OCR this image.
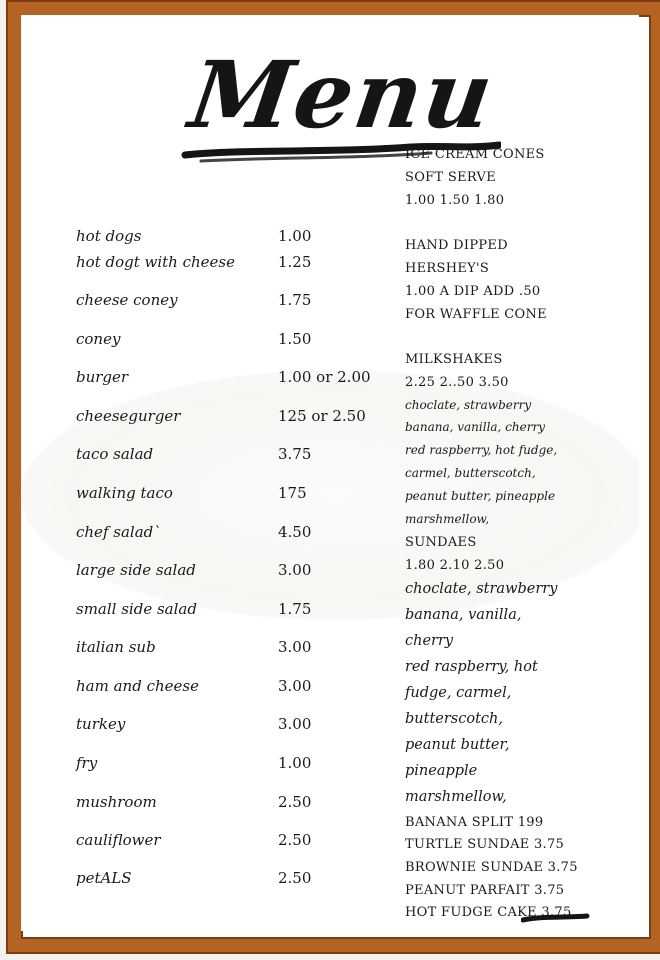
Menu
hot dogs	1.00
hot dogt with cheese	1.25
cheese coney	1.75
coney	1.50
burger	1.00 or 2.00
cheesegurger	125 or 2.50
taco salad	3.75
walking taco	175
chef salad`	4.50
large side salad	3.00
small side salad	1.75
italian sub	3.00
ham and cheese	3.00
turkey	3.00
fry	1.00
mushroom	2.50
cauliflower	2.50
petALS	2.50
ICE CREAM CONES
SOFT SERVE
1.00 1.50 1.80
HAND DIPPED
HERSHEY'S
1.00 A DIP ADD .50
FOR WAFFLE CONE
MILKSHAKES
2.25 2..50 3.50
choclate, strawberry
banana, vanilla, cherry
red raspberry, hot fudge,
carmel, butterscotch,
peanut butter, pineapple
marshmellow,
SUNDAES
1.80 2.10 2.50
choclate, strawberry
banana, vanilla,
cherry
red raspberry, hot
fudge, carmel,
butterscotch,
peanut butter,
pineapple
marshmellow,
BANANA SPLIT 199
TURTLE SUNDAE 3.75
BROWNIE SUNDAE 3.75
PEANUT PARFAIT 3.75
HOT FUDGE CAKE 3.75
